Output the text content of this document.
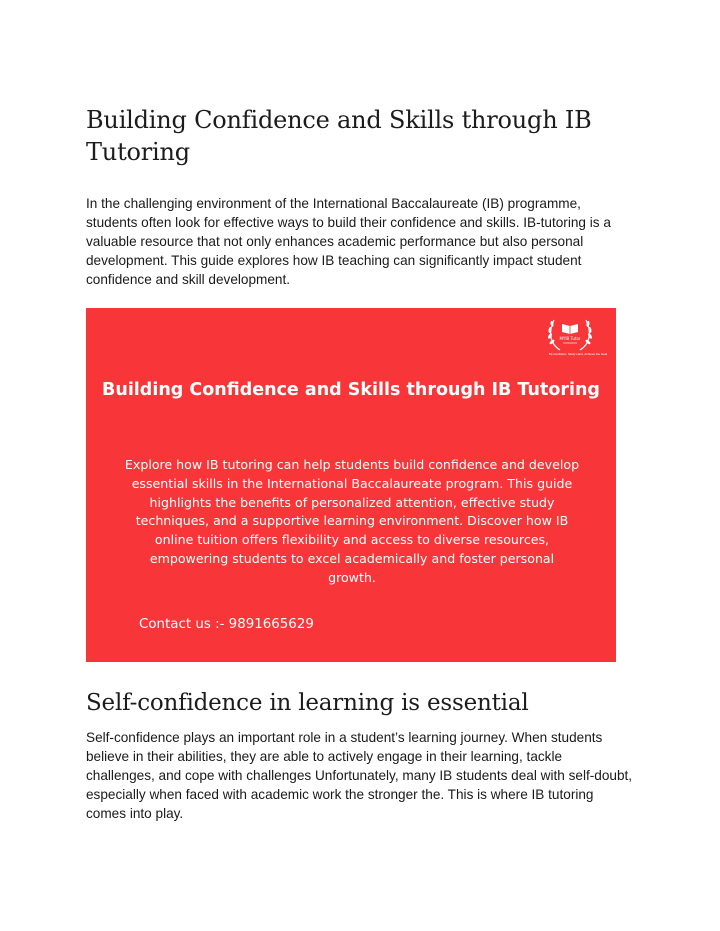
Building Confidence and Skills through IB Tutoring

In the challenging environment of the International Baccalaureate (IB) programme, students often look for effective ways to build their confidence and skills. IB-tutoring is a valuable resource that not only enhances academic performance but also personal development. This guide explores how IB teaching can significantly impact student confidence and skill development.

MYIB Tutor
Be Confident, Study Hard, Achieve the Goal
Building Confidence and Skills through IB Tutoring
Explore how IB tutoring can help students build confidence and develop essential skills in the International Baccalaureate program. This guide highlights the benefits of personalized attention, effective study techniques, and a supportive learning environment. Discover how IB online tuition offers flexibility and access to diverse resources, empowering students to excel academically and foster personal growth.
Contact us :- 9891665629
Self-confidence in learning is essential

Self-confidence plays an important role in a student’s learning journey. When students believe in their abilities, they are able to actively engage in their learning, tackle challenges, and cope with challenges Unfortunately, many IB students deal with self-doubt, especially when faced with academic work the stronger the. This is where IB tutoring comes into play.
